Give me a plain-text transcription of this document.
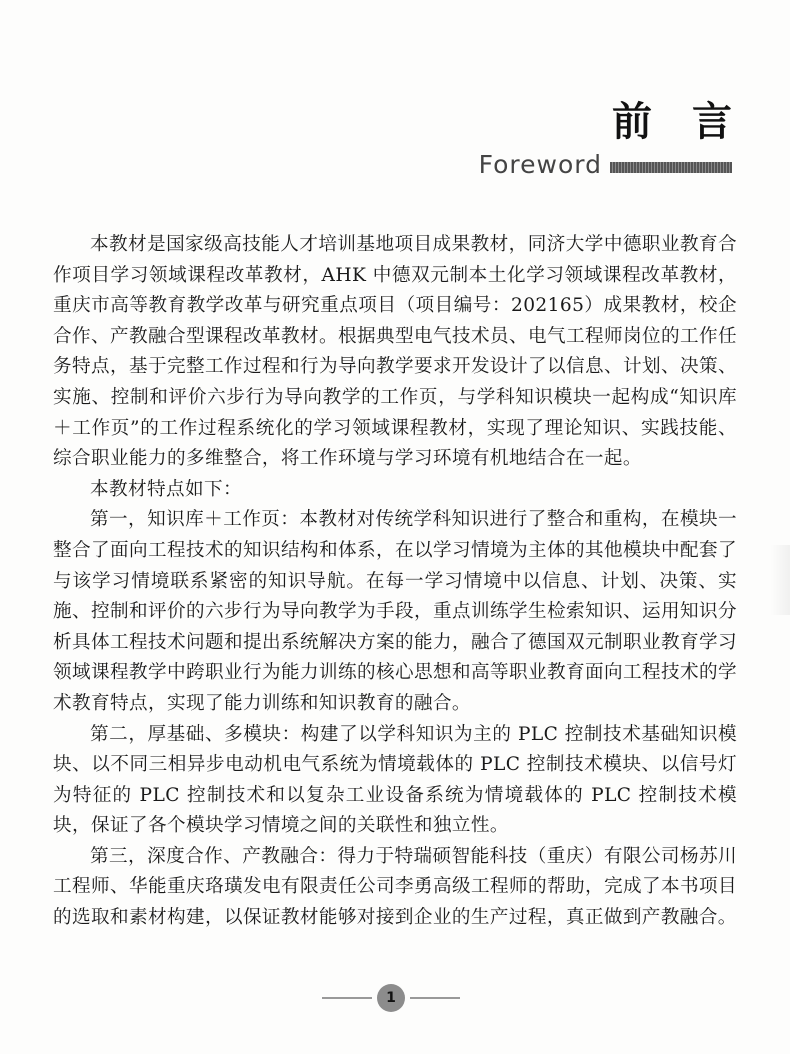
前言
Foreword

本教材是国家级高技能人才培训基地项目成果教材，同济大学中德职业教育合作项目学习领域课程改革教材，AHK 中德双元制本土化学习领域课程改革教材，重庆市高等教育教学改革与研究重点项目（项目编号：202165）成果教材，校企合作、产教融合型课程改革教材。根据典型电气技术员、电气工程师岗位的工作任务特点，基于完整工作过程和行为导向教学要求开发设计了以信息、计划、决策、实施、控制和评价六步行为导向教学的工作页，与学科知识模块一起构成“知识库＋工作页”的工作过程系统化的学习领域课程教材，实现了理论知识、实践技能、综合职业能力的多维整合，将工作环境与学习环境有机地结合在一起。

本教材特点如下：

第一，知识库＋工作页：本教材对传统学科知识进行了整合和重构，在模块一整合了面向工程技术的知识结构和体系，在以学习情境为主体的其他模块中配套了与该学习情境联系紧密的知识导航。在每一学习情境中以信息、计划、决策、实施、控制和评价的六步行为导向教学为手段，重点训练学生检索知识、运用知识分析具体工程技术问题和提出系统解决方案的能力，融合了德国双元制职业教育学习领域课程教学中跨职业行为能力训练的核心思想和高等职业教育面向工程技术的学术教育特点，实现了能力训练和知识教育的融合。

第二，厚基础、多模块：构建了以学科知识为主的 PLC 控制技术基础知识模块、以不同三相异步电动机电气系统为情境载体的 PLC 控制技术模块、以信号灯为特征的 PLC 控制技术和以复杂工业设备系统为情境载体的 PLC 控制技术模块，保证了各个模块学习情境之间的关联性和独立性。

第三，深度合作、产教融合：得力于特瑞硕智能科技（重庆）有限公司杨苏川工程师、华能重庆珞璜发电有限责任公司李勇高级工程师的帮助，完成了本书项目的选取和素材构建，以保证教材能够对接到企业的生产过程，真正做到产教融合。

1
